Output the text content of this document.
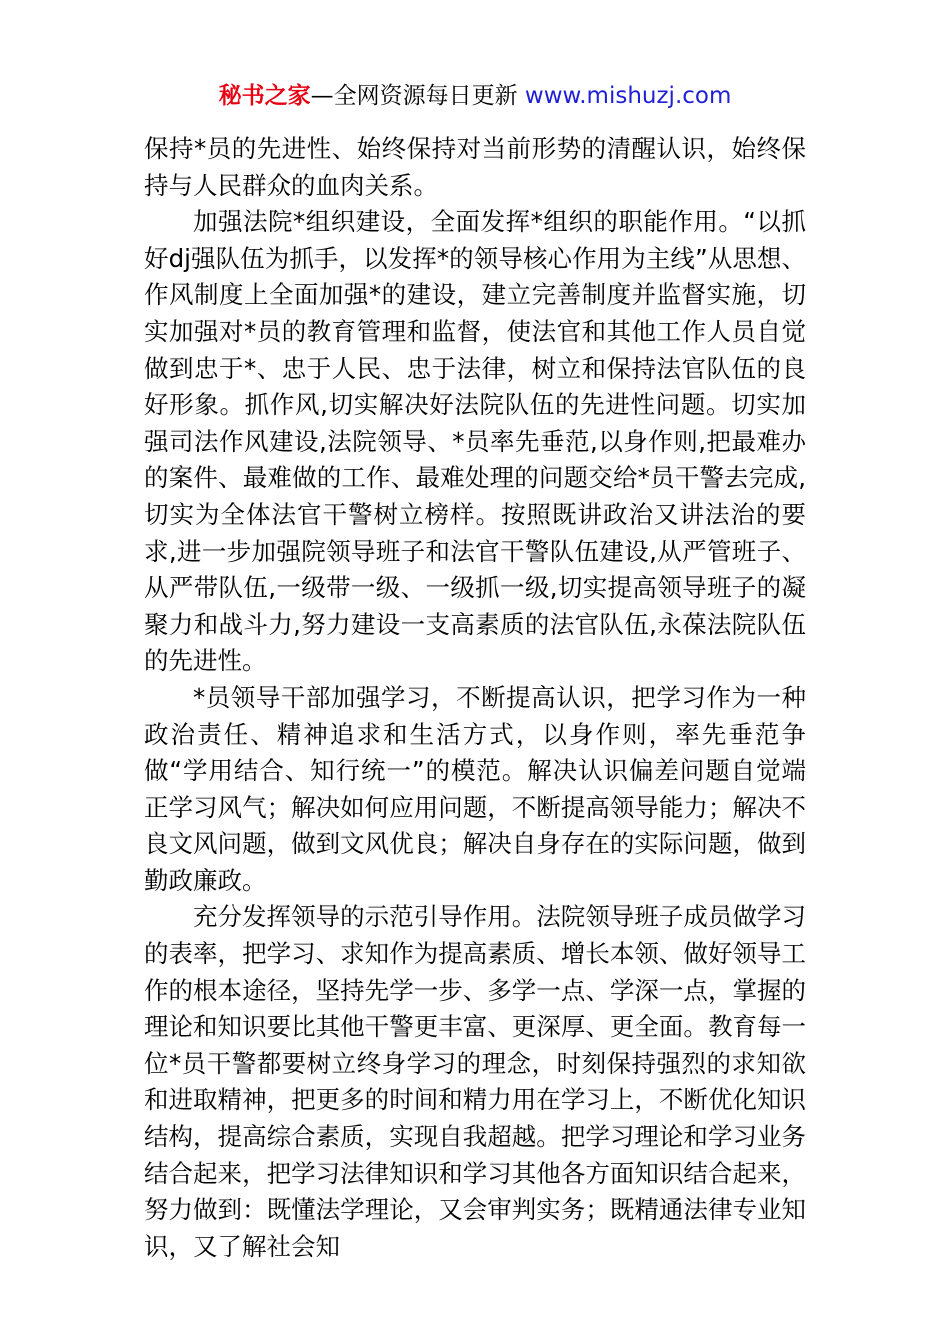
秘书之家—全网资源每日更新 www.mishuzj.com

保持*员的先进性、始终保持对当前形势的清醒认识，始终保持与人民群众的血肉关系。

加强法院*组织建设，全面发挥*组织的职能作用。“以抓好dj强队伍为抓手，以发挥*的领导核心作用为主线”从思想、作风制度上全面加强*的建设，建立完善制度并监督实施，切实加强对*员的教育管理和监督，使法官和其他工作人员自觉做到忠于*、忠于人民、忠于法律，树立和保持法官队伍的良好形象。抓作风,切实解决好法院队伍的先进性问题。切实加强司法作风建设,法院领导、*员率先垂范,以身作则,把最难办的案件、最难做的工作、最难处理的问题交给*员干警去完成,切实为全体法官干警树立榜样。按照既讲政治又讲法治的要求,进一步加强院领导班子和法官干警队伍建设,从严管班子、从严带队伍,一级带一级、一级抓一级,切实提高领导班子的凝聚力和战斗力,努力建设一支高素质的法官队伍,永葆法院队伍的先进性。

*员领导干部加强学习，不断提高认识，把学习作为一种政治责任、精神追求和生活方式，以身作则，率先垂范争做“学用结合、知行统一”的模范。解决认识偏差问题自觉端正学习风气；解决如何应用问题，不断提高领导能力；解决不良文风问题，做到文风优良；解决自身存在的实际问题，做到勤政廉政。

充分发挥领导的示范引导作用。法院领导班子成员做学习的表率，把学习、求知作为提高素质、增长本领、做好领导工作的根本途径，坚持先学一步、多学一点、学深一点，掌握的理论和知识要比其他干警更丰富、更深厚、更全面。教育每一位*员干警都要树立终身学习的理念，时刻保持强烈的求知欲和进取精神，把更多的时间和精力用在学习上，不断优化知识结构，提高综合素质，实现自我超越。把学习理论和学习业务结合起来，把学习法律知识和学习其他各方面知识结合起来，努力做到：既懂法学理论，又会审判实务；既精通法律专业知识，又了解社会知
